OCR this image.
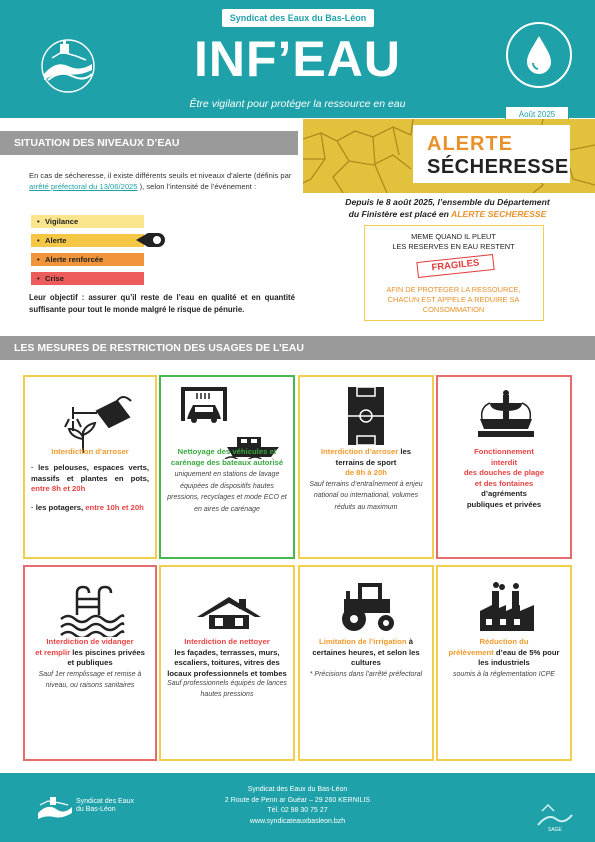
Syndicat des Eaux du Bas-Léon
INF’EAU
Être vigilant pour protéger la ressource en eau
Août 2025
SITUATION DES NIVEAUX D’EAU	ALERTE
SÉCHERESSE
En cas de sécheresse, il existe différents seuils et niveaux d’alerte (définis par arrêté préfectoral du 13/06/2025 ), selon l’intensité de l’événement :
• Vigilance
• Alerte
• Alerte renforcée
• Crise
Leur objectif : assurer qu’il reste de l’eau en qualité et en quantité suffisante pour tout le monde malgré le risque de pénurie.
Depuis le 8 août 2025, l’ensemble du Département
du Finistère est placé en ALERTE SECHERESSE
MEME QUAND IL PLEUT
LES RESERVES EN EAU RESTENT
FRAGILES
AFIN DE PROTEGER LA RESSOURCE,
CHACUN EST APPELE A REDUIRE SA
CONSOMMATION
LES MESURES DE RESTRICTION DES USAGES DE L’EAU
Interdiction d’arroser
· les pelouses, espaces verts, massifs et plantes en pots, entre 8h et 20h
· les potagers, entre 10h et 20h
Nettoyage des véhicules et carénage des bateaux autorisé uniquement en stations de lavage équipées de dispositifs hautes pressions, recyclages et mode ECO et en aires de carénage
Interdiction d’arroser les terrains de sport
de 8h à 20h
Sauf terrains d’entraînement à enjeu national ou international, volumes réduits au maximum
Fonctionnement
interdit
des douches de plage
et des fontaines
d’agréments
publiques et privées
Interdiction de vidanger
et remplir les piscines privées et publiques
Sauf 1er remplissage et remise à niveau, ou raisons sanitaires
Interdiction de nettoyer
les façades, terrasses, murs, escaliers, toitures, vitres des locaux professionnels et tombes
Sauf professionnels équipés de lances hautes pressions
Limitation de l’irrigation à certaines heures, et selon les cultures
* Précisions dans l’arrêté préfectoral
Réduction du
prélèvement d’eau de 5% pour les industriels
soumis à la réglementation ICPE
Syndicat des Eaux
du Bas-Léon
Syndicat des Eaux du Bas-Léon
2 Route de Penn ar Guéar – 29 260 KERNILIS
Tél. 02 98 30 75 27
www.syndicateauxbasleon.bzh
SAGE
